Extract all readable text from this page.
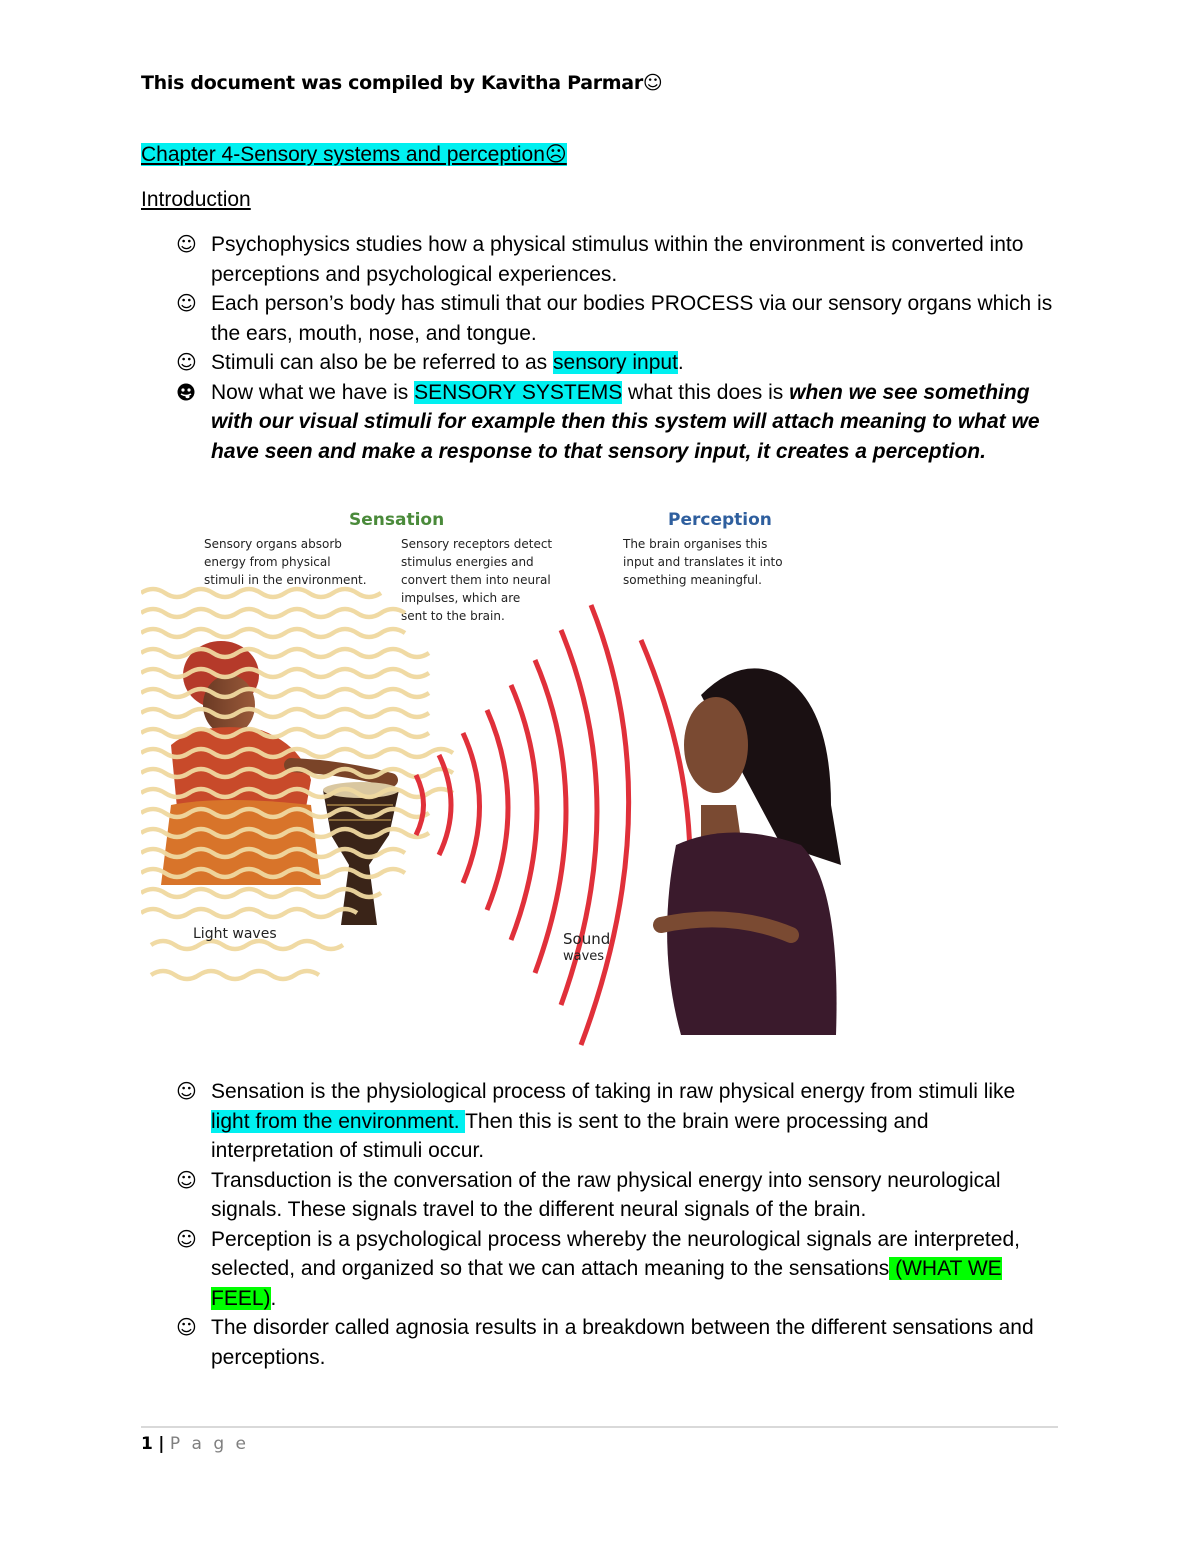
This document was compiled by Kavitha Parmar☺
Chapter 4-Sensory systems and perception☹
Introduction
☺ Psychophysics studies how a physical stimulus within the environment is converted into perceptions and psychological experiences.
☺ Each person’s body has stimuli that our bodies PROCESS via our sensory organs which is the ears, mouth, nose, and tongue.
☺ Stimuli can also be be referred to as sensory input.
Now what we have is SENSORY SYSTEMS what this does is when we see something with our visual stimuli for example then this system will attach meaning to what we have seen and make a response to that sensory input, it creates a perception.
Sensation	Perception
Sensory organs absorb
energy from physical
stimuli in the environment.
Sensory receptors detect
stimulus energies and
convert them into neural
impulses, which are
sent to the brain.
The brain organises this
input and translates it into
something meaningful.
Light waves	Sound
waves
☺ Sensation is the physiological process of taking in raw physical energy from stimuli like light from the environment. Then this is sent to the brain were processing and interpretation of stimuli occur.
☺ Transduction is the conversation of the raw physical energy into sensory neurological signals. These signals travel to the different neural signals of the brain.
☺ Perception is a psychological process whereby the neurological signals are interpreted, selected, and organized so that we can attach meaning to the sensations (WHAT WE FEEL).
☺ The disorder called agnosia results in a breakdown between the different sensations and perceptions.
1 | P a g e
